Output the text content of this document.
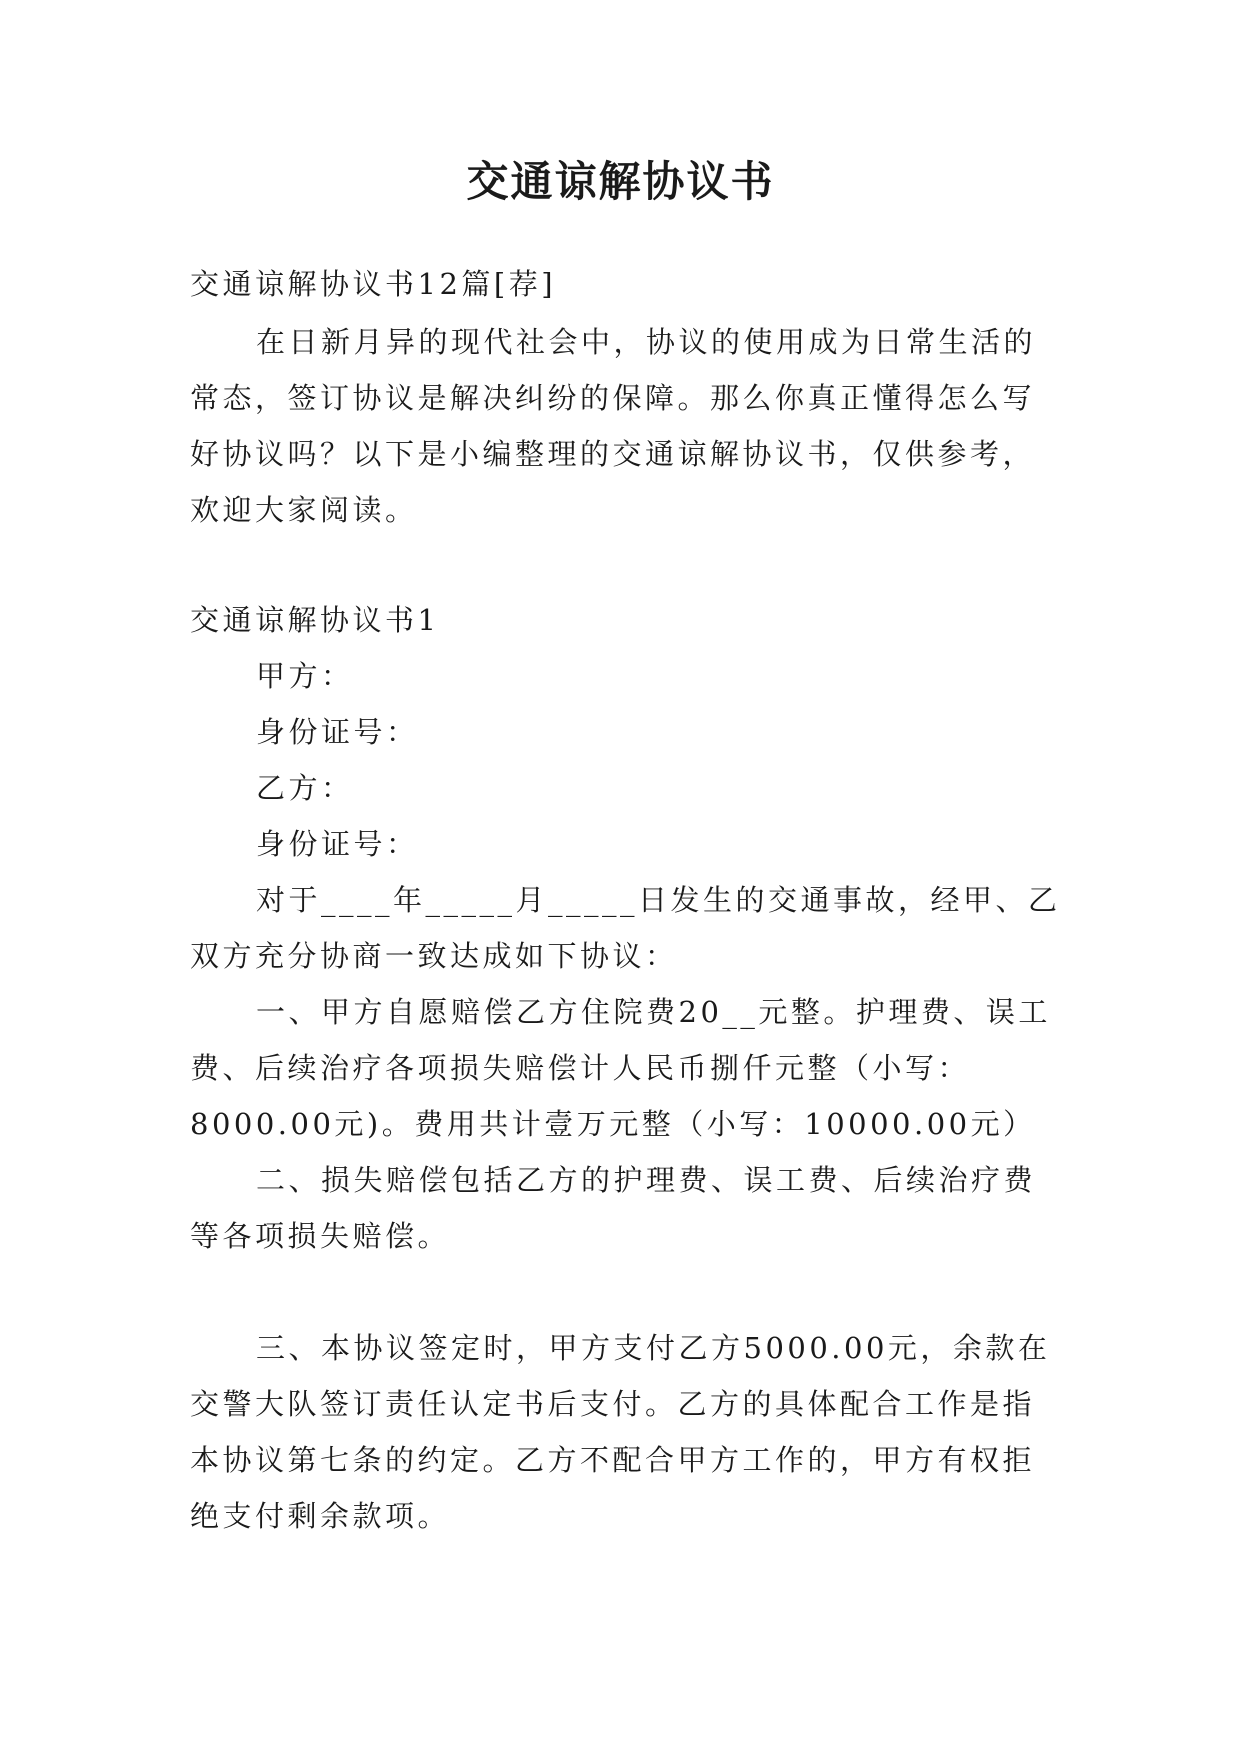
交通谅解协议书
交通谅解协议书12篇[荐]
在日新月异的现代社会中，协议的使用成为日常生活的
常态，签订协议是解决纠纷的保障。那么你真正懂得怎么写
好协议吗？以下是小编整理的交通谅解协议书，仅供参考，
欢迎大家阅读。
交通谅解协议书1
甲方：
身份证号：
乙方：
身份证号：
对于____年_____月_____日发生的交通事故，经甲、乙
双方充分协商一致达成如下协议：
一、甲方自愿赔偿乙方住院费20__元整。护理费、误工
费、后续治疗各项损失赔偿计人民币捌仟元整（小写：
8000.00元)。费用共计壹万元整（小写：10000.00元）
二、损失赔偿包括乙方的护理费、误工费、后续治疗费
等各项损失赔偿。
三、本协议签定时，甲方支付乙方5000.00元，余款在
交警大队签订责任认定书后支付。乙方的具体配合工作是指
本协议第七条的约定。乙方不配合甲方工作的，甲方有权拒
绝支付剩余款项。
